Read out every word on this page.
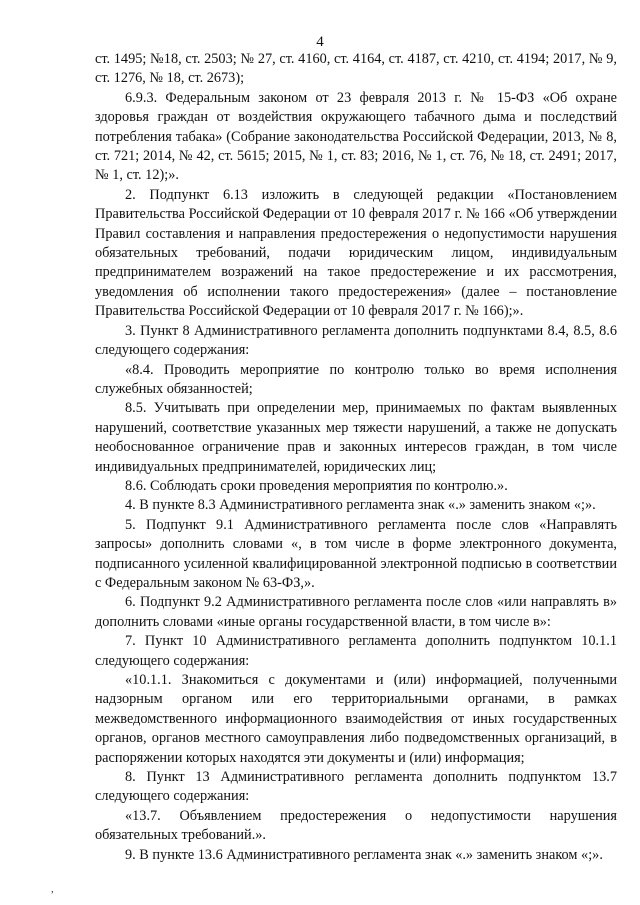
4

ст. 1495; №18, ст. 2503; № 27, ст. 4160, ст. 4164, ст. 4187, ст. 4210, ст. 4194; 2017, № 9, ст. 1276, № 18, ст. 2673);

6.9.3. Федеральным законом от 23 февраля 2013 г. № 15-ФЗ «Об охране здоровья граждан от воздействия окружающего табачного дыма и последствий потребления табака» (Собрание законодательства Российской Федерации, 2013, № 8, ст. 721; 2014, № 42, ст. 5615; 2015, № 1, ст. 83; 2016, № 1, ст. 76, № 18, ст. 2491; 2017, № 1, ст. 12);».

2. Подпункт 6.13 изложить в следующей редакции «Постановлением Правительства Российской Федерации от 10 февраля 2017 г. № 166 «Об утверждении Правил составления и направления предостережения о недопустимости нарушения обязательных требований, подачи юридическим лицом, индивидуальным предпринимателем возражений на такое предостережение и их рассмотрения, уведомления об исполнении такого предостережения» (далее – постановление Правительства Российской Федерации от 10 февраля 2017 г. № 166);».

3. Пункт 8 Административного регламента дополнить подпунктами 8.4, 8.5, 8.6 следующего содержания:

«8.4. Проводить мероприятие по контролю только во время исполнения служебных обязанностей;

8.5. Учитывать при определении мер, принимаемых по фактам выявленных нарушений, соответствие указанных мер тяжести нарушений, а также не допускать необоснованное ограничение прав и законных интересов граждан, в том числе индивидуальных предпринимателей, юридических лиц;

8.6. Соблюдать сроки проведения мероприятия по контролю.».

4. В пункте 8.3 Административного регламента знак «.» заменить знаком «;».

5. Подпункт 9.1 Административного регламента после слов «Направлять запросы» дополнить словами «, в том числе в форме электронного документа, подписанного усиленной квалифицированной электронной подписью в соответствии с Федеральным законом № 63-ФЗ,».

6. Подпункт 9.2 Административного регламента после слов «или направлять в» дополнить словами «иные органы государственной власти, в том числе в»:

7. Пункт 10 Административного регламента дополнить подпунктом 10.1.1 следующего содержания:

«10.1.1. Знакомиться с документами и (или) информацией, полученными надзорным органом или его территориальными органами, в рамках межведомственного информационного взаимодействия от иных государственных органов, органов местного самоуправления либо подведомственных организаций, в распоряжении которых находятся эти документы и (или) информация;

8. Пункт 13 Административного регламента дополнить подпунктом 13.7 следующего содержания:

«13.7. Объявлением предостережения о недопустимости нарушения обязательных требований.».

9. В пункте 13.6 Административного регламента знак «.» заменить знаком «;».

,
